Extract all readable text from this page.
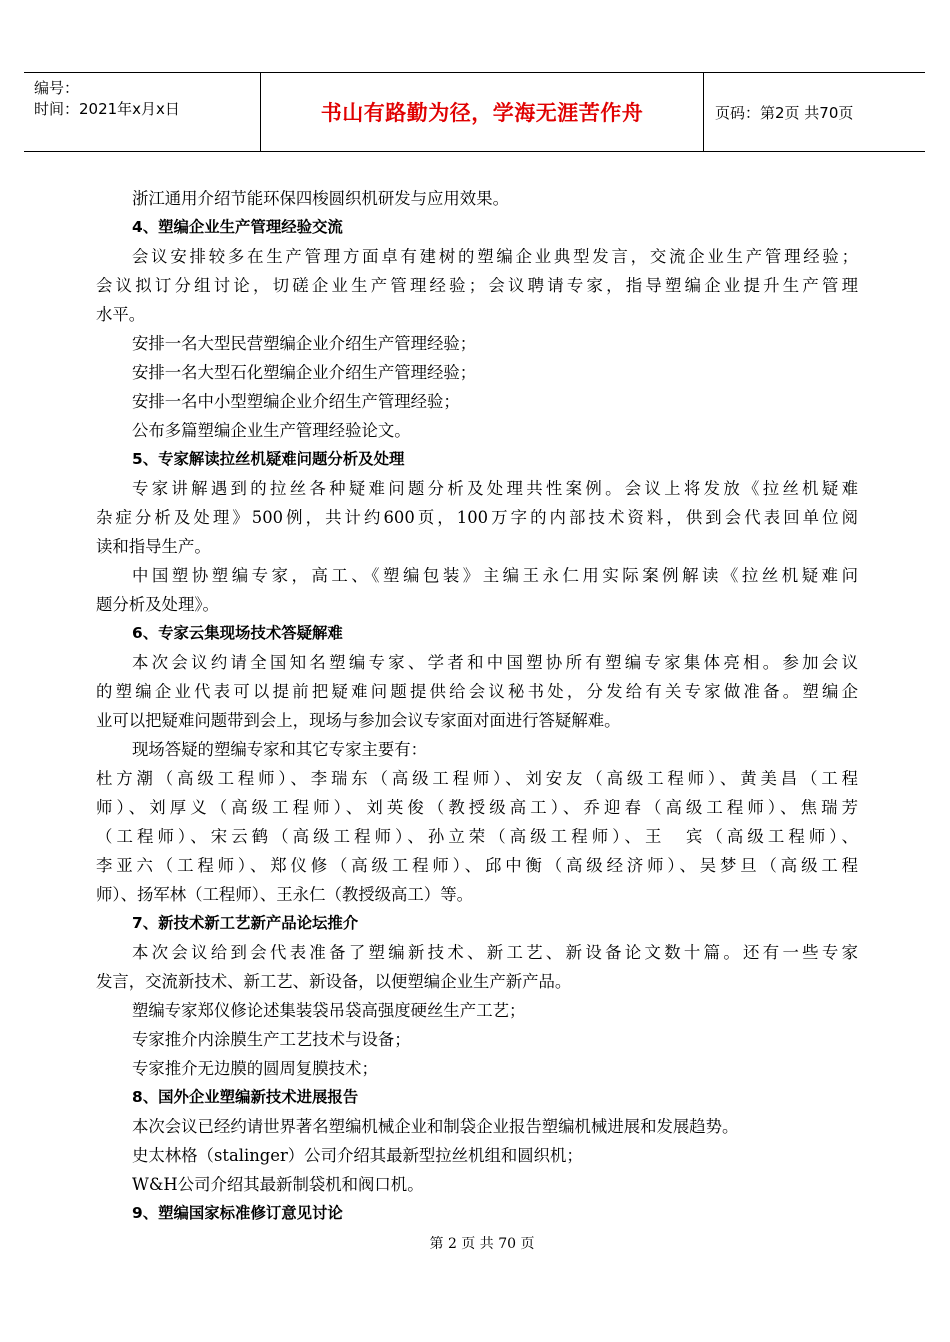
编号：
时间：2021年x月x日	书山有路勤为径，学海无涯苦作舟	页码：第2页 共70页
浙江通用介绍节能环保四梭圆织机研发与应用效果。
4、塑编企业生产管理经验交流
会议安排较多在生产管理方面卓有建树的塑编企业典型发言，交流企业生产管理经验；
会议拟订分组讨论，切磋企业生产管理经验；会议聘请专家，指导塑编企业提升生产管理
水平。
安排一名大型民营塑编企业介绍生产管理经验；
安排一名大型石化塑编企业介绍生产管理经验；
安排一名中小型塑编企业介绍生产管理经验；
公布多篇塑编企业生产管理经验论文。
5、专家解读拉丝机疑难问题分析及处理
专家讲解遇到的拉丝各种疑难问题分析及处理共性案例。会议上将发放《拉丝机疑难
杂症分析及处理》500例，共计约600页，100万字的内部技术资料，供到会代表回单位阅
读和指导生产。
中国塑协塑编专家，高工、《塑编包装》主编王永仁用实际案例解读《拉丝机疑难问
题分析及处理》。
6、专家云集现场技术答疑解难
本次会议约请全国知名塑编专家、学者和中国塑协所有塑编专家集体亮相。参加会议
的塑编企业代表可以提前把疑难问题提供给会议秘书处，分发给有关专家做准备。塑编企
业可以把疑难问题带到会上，现场与参加会议专家面对面进行答疑解难。
现场答疑的塑编专家和其它专家主要有：
杜方潮（高级工程师）、李瑞东（高级工程师）、刘安友（高级工程师）、黄美昌（工程
师）、刘厚义（高级工程师）、刘英俊（教授级高工）、乔迎春（高级工程师）、焦瑞芳
（工程师）、宋云鹤（高级工程师）、孙立荣（高级工程师）、王　宾（高级工程师）、
李亚六（工程师）、郑仪修（高级工程师）、邱中衡（高级经济师）、吴梦旦（高级工程
师）、扬军林（工程师）、王永仁（教授级高工）等。
7、新技术新工艺新产品论坛推介
本次会议给到会代表准备了塑编新技术、新工艺、新设备论文数十篇。还有一些专家
发言，交流新技术、新工艺、新设备，以便塑编企业生产新产品。
塑编专家郑仪修论述集装袋吊袋高强度硬丝生产工艺；
专家推介内涂膜生产工艺技术与设备；
专家推介无边膜的圆周复膜技术；
8、国外企业塑编新技术进展报告
本次会议已经约请世界著名塑编机械企业和制袋企业报告塑编机械进展和发展趋势。
史太林格（stalinger）公司介绍其最新型拉丝机组和圆织机；
W&H公司介绍其最新制袋机和阀口机。
9、塑编国家标准修订意见讨论
第 2 页 共 70 页
